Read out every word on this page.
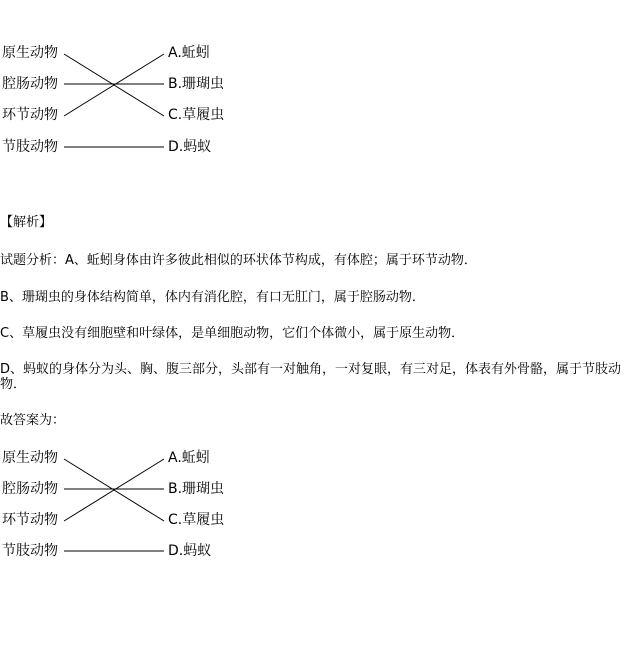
原生动物
腔肠动物
环节动物
节肢动物
A.蚯蚓
B.珊瑚虫
C.草履虫
D.蚂蚁
【解析】
试题分析：A、蚯蚓身体由许多彼此相似的环状体节构成，有体腔；属于环节动物．
B、珊瑚虫的身体结构简单，体内有消化腔，有口无肛门，属于腔肠动物．
C、草履虫没有细胞壁和叶绿体，是单细胞动物，它们个体微小，属于原生动物．
D、蚂蚁的身体分为头、胸、腹三部分，头部有一对触角，一对复眼，有三对足，体表有外骨骼，属于节肢动物．
故答案为：
原生动物
腔肠动物
环节动物
节肢动物
A.蚯蚓
B.珊瑚虫
C.草履虫
D.蚂蚁
